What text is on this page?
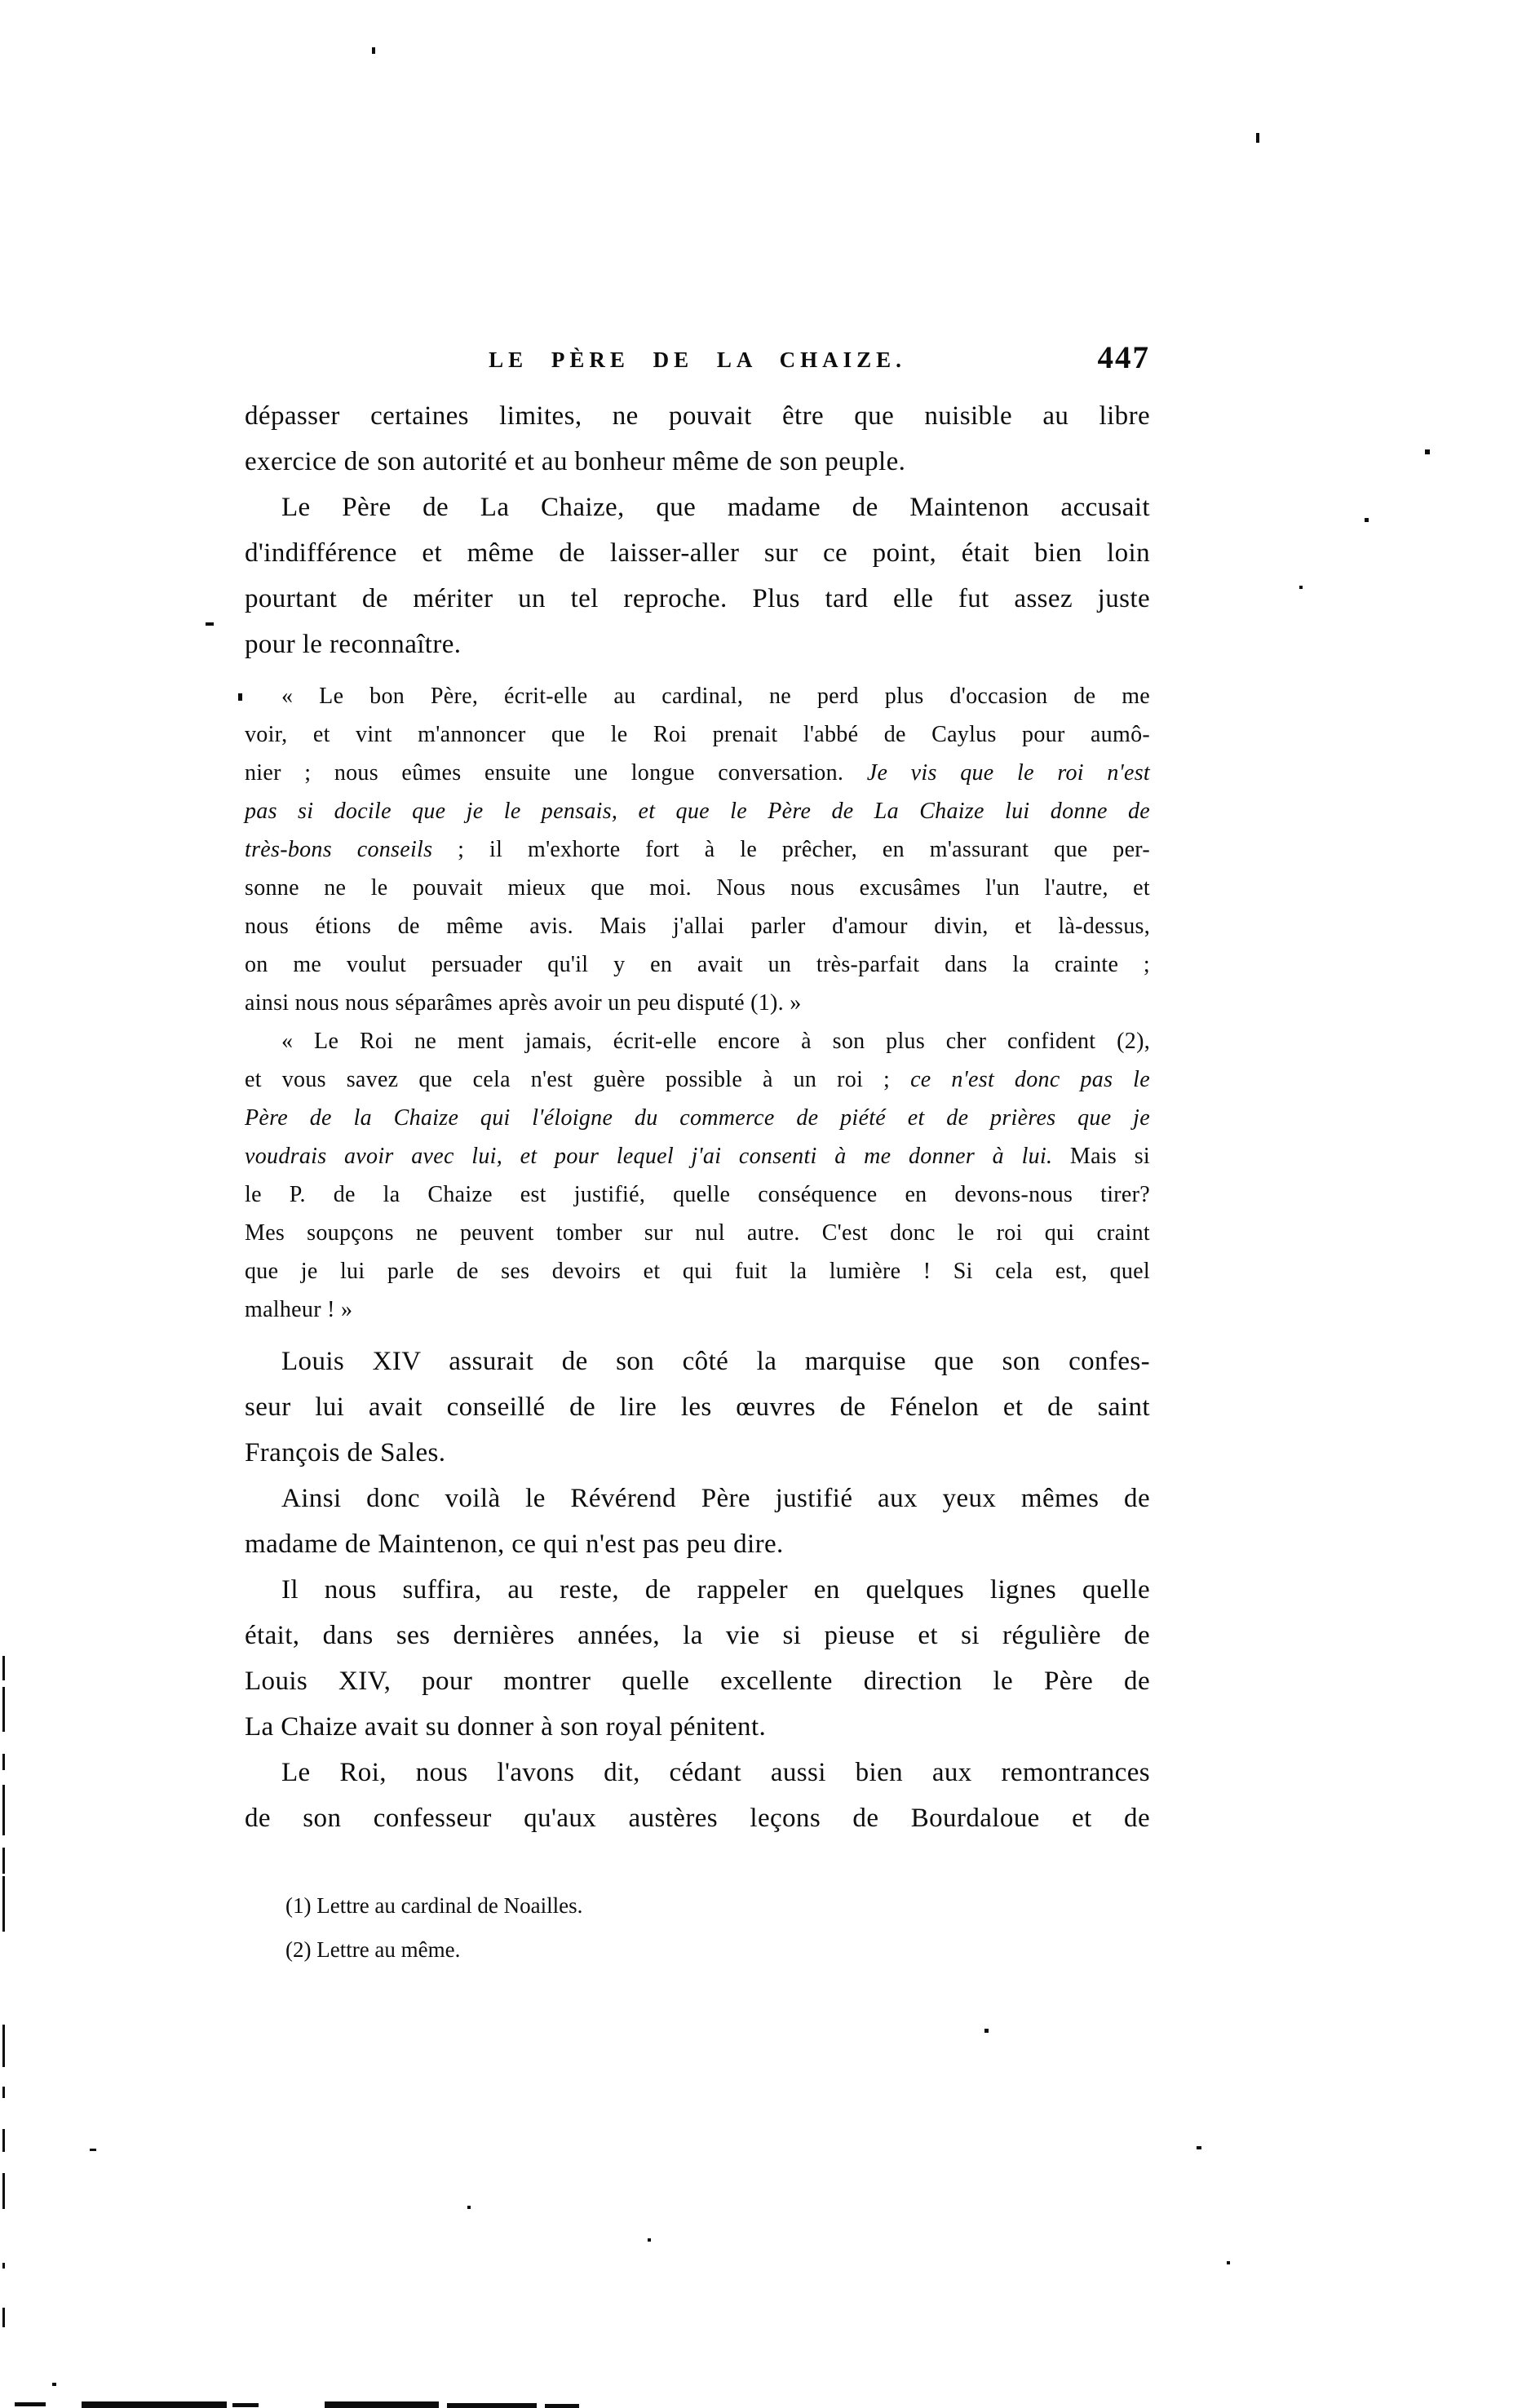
LE PÈRE DE LA CHAIZE.	447
dépasser certaines limites, ne pouvait être que nuisible au libre
exercice de son autorité et au bonheur même de son peuple.
Le Père de La Chaize, que madame de Maintenon accusait
d'indifférence et même de laisser-aller sur ce point, était bien loin
pourtant de mériter un tel reproche. Plus tard elle fut assez juste
pour le reconnaître.
« Le bon Père, écrit-elle au cardinal, ne perd plus d'occasion de me
voir, et vint m'annoncer que le Roi prenait l'abbé de Caylus pour aumô-
nier ; nous eûmes ensuite une longue conversation. Je vis que le roi n'est
pas si docile que je le pensais, et que le Père de La Chaize lui donne de
très-bons conseils ; il m'exhorte fort à le prêcher, en m'assurant que per-
sonne ne le pouvait mieux que moi. Nous nous excusâmes l'un l'autre, et
nous étions de même avis. Mais j'allai parler d'amour divin, et là-dessus,
on me voulut persuader qu'il y en avait un très-parfait dans la crainte ;
ainsi nous nous séparâmes après avoir un peu disputé (1). »
« Le Roi ne ment jamais, écrit-elle encore à son plus cher confident (2),
et vous savez que cela n'est guère possible à un roi ; ce n'est donc pas le
Père de la Chaize qui l'éloigne du commerce de piété et de prières que je
voudrais avoir avec lui, et pour lequel j'ai consenti à me donner à lui. Mais si
le P. de la Chaize est justifié, quelle conséquence en devons-nous tirer?
Mes soupçons ne peuvent tomber sur nul autre. C'est donc le roi qui craint
que je lui parle de ses devoirs et qui fuit la lumière ! Si cela est, quel
malheur ! »
Louis XIV assurait de son côté la marquise que son confes-
seur lui avait conseillé de lire les œuvres de Fénelon et de saint
François de Sales.
Ainsi donc voilà le Révérend Père justifié aux yeux mêmes de
madame de Maintenon, ce qui n'est pas peu dire.
Il nous suffira, au reste, de rappeler en quelques lignes quelle
était, dans ses dernières années, la vie si pieuse et si régulière de
Louis XIV, pour montrer quelle excellente direction le Père de
La Chaize avait su donner à son royal pénitent.
Le Roi, nous l'avons dit, cédant aussi bien aux remontrances
de son confesseur qu'aux austères leçons de Bourdaloue et de
(1) Lettre au cardinal de Noailles.
(2) Lettre au même.
